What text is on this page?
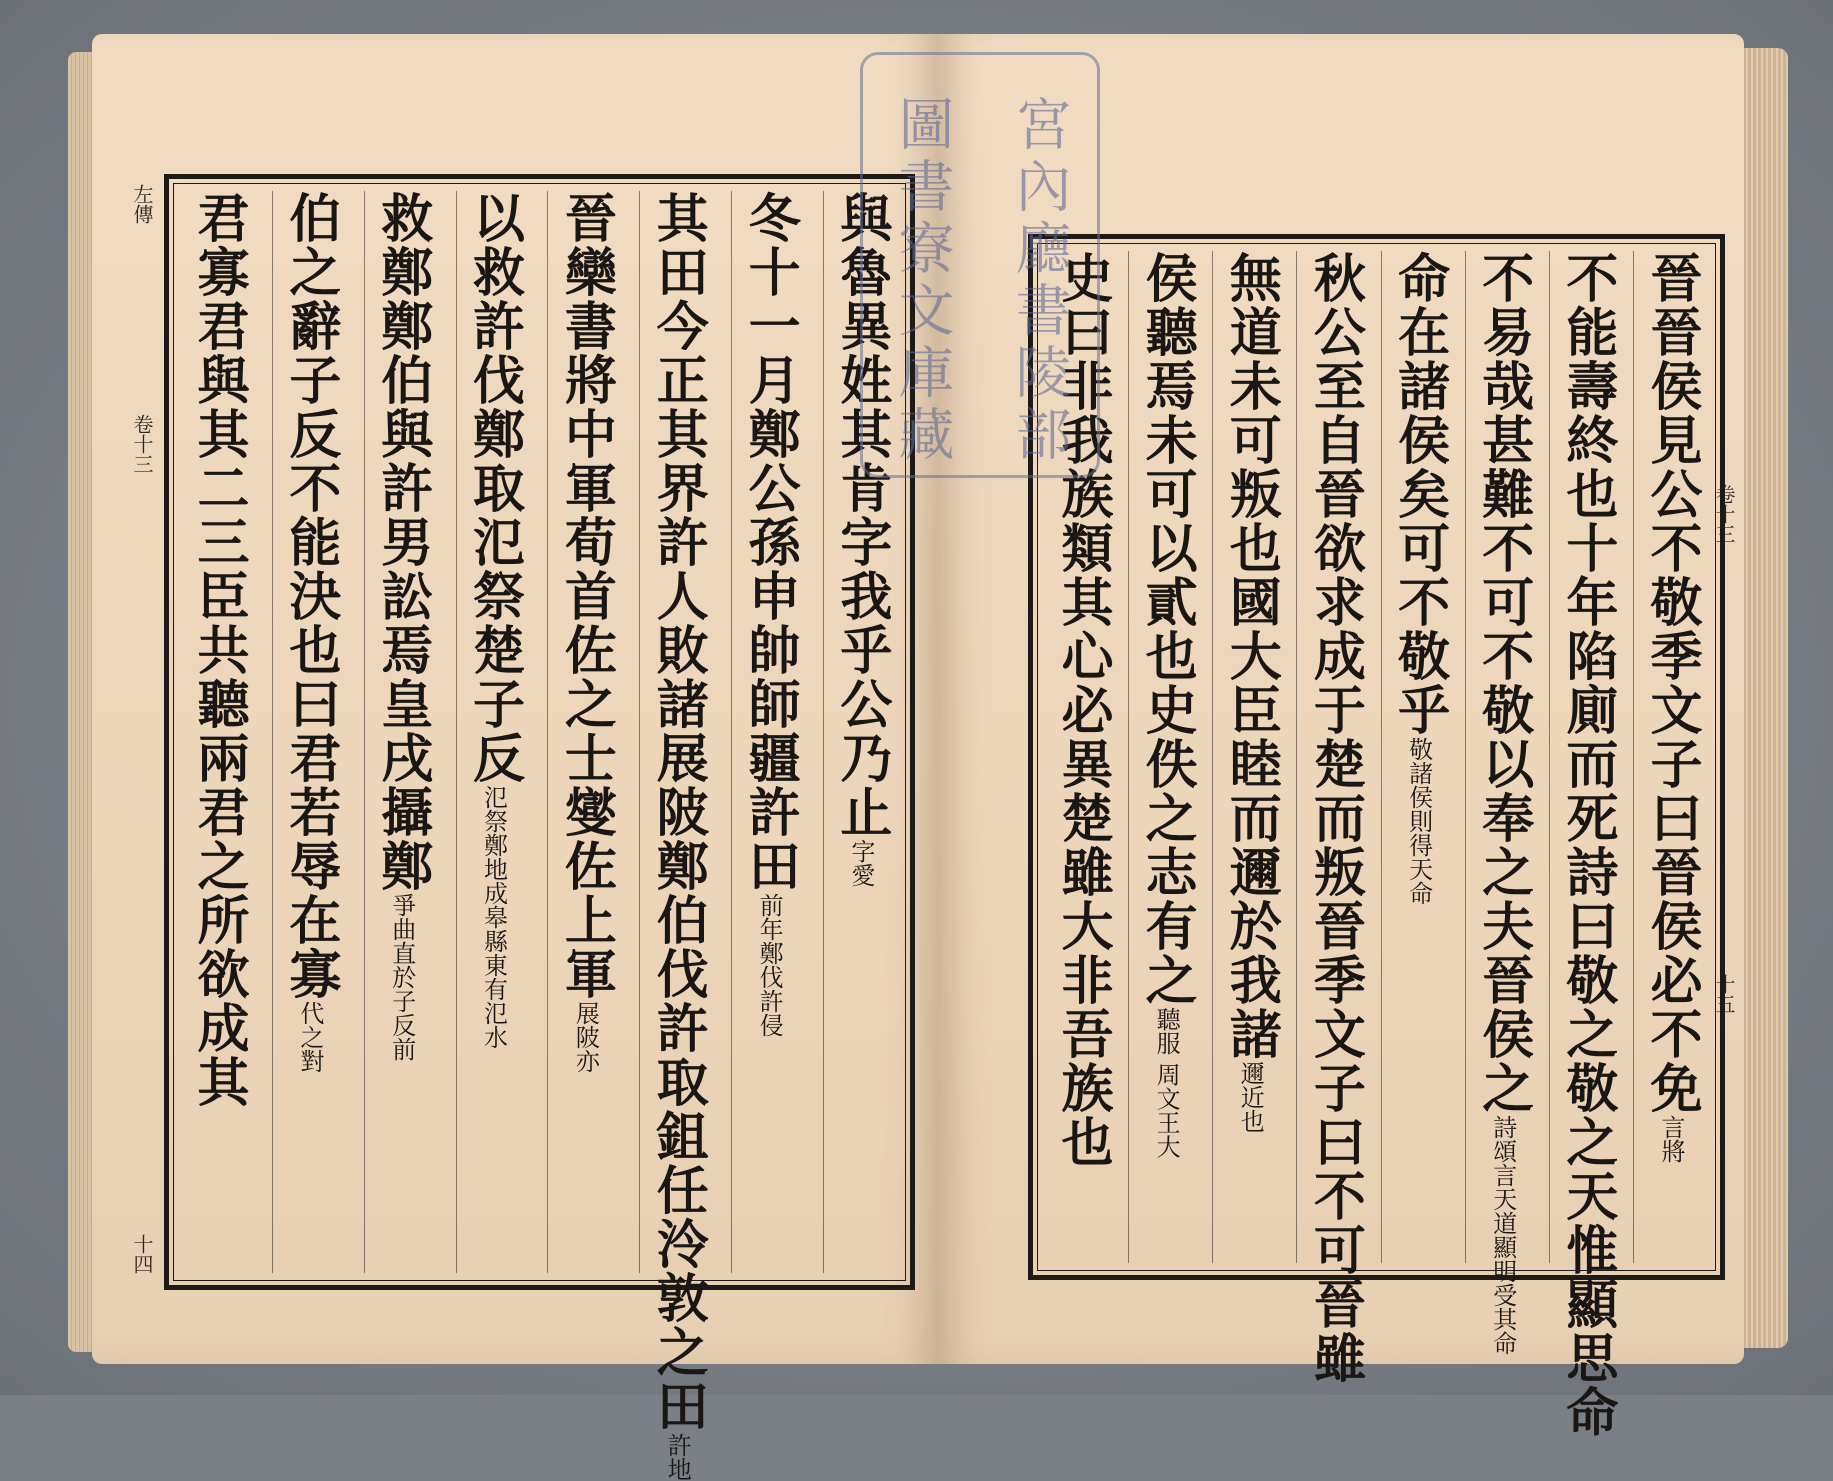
左傳
卷十三
十四
與魯異姓其肯字我乎公乃止字愛
冬十一月鄭公孫申帥師疆許田前年鄭伐許侵
其田今正其界許人敗諸展陂鄭伯伐許取鉏任泠敦之田許地
晉欒書將中軍荀首佐之士燮佐上軍展陂亦
以救許伐鄭取氾祭楚子反氾祭鄭地成皋縣東有氾水
救鄭鄭伯與許男訟焉皇戌攝鄭爭曲直於子反前
伯之辭子反不能決也曰君若辱在寡代之對
君寡君與其二三臣共聽兩君之所欲成其	卷十三
十五
晉晉侯見公不敬季文子曰晉侯必不免言將
不能壽終也十年陷廁而死詩曰敬之敬之天惟顯思命
不易哉甚難不可不敬以奉之夫晉侯之詩頌言天道顯明受其命
命在諸侯矣可不敬乎敬諸侯則得天命
秋公至自晉欲求成于楚而叛晉季文子曰不可晉雖
無道未可叛也國大臣睦而邇於我諸邇近也
侯聽焉未可以貳也史佚之志有之聽服 周文王大
史曰非我族類其心必異楚雖大非吾族也
宮內廳書陵部
圖書寮文庫藏
